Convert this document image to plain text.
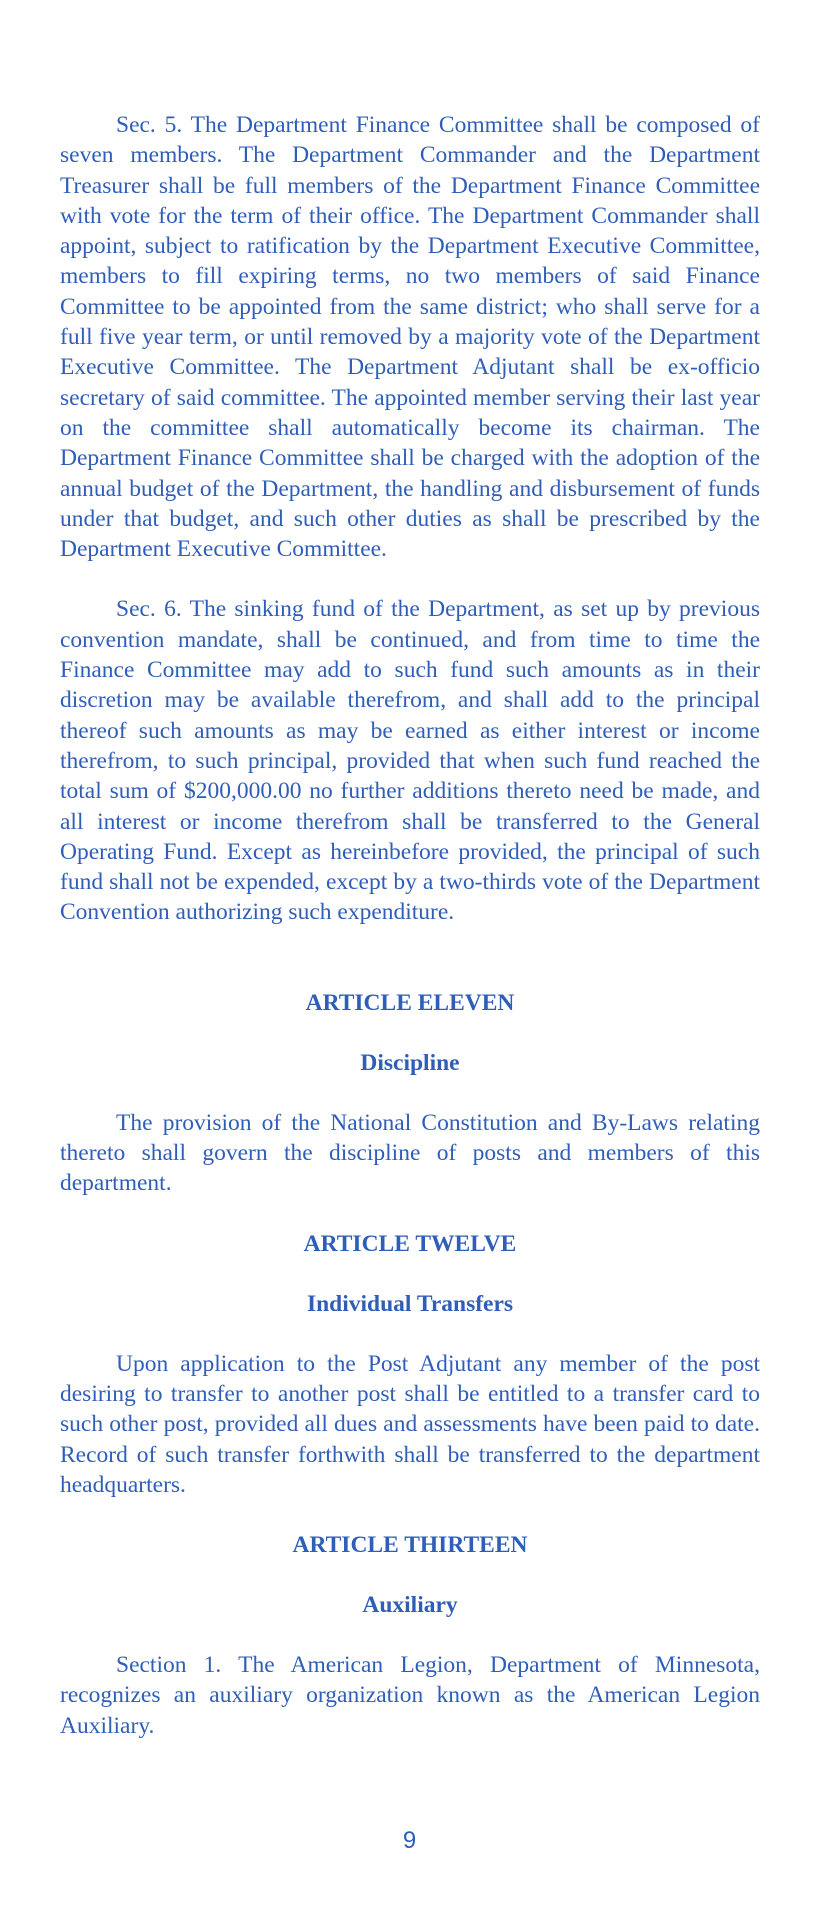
Sec. 5. The Department Finance Committee shall be composed of seven members. The Department Commander and the Department Treasurer shall be full members of the Department Finance Committee with vote for the term of their office. The Department Commander shall appoint, subject to ratification by the Department Executive Committee, members to fill expiring terms, no two members of said Finance Committee to be appointed from the same district; who shall serve for a full five year term, or until removed by a majority vote of the Department Executive Committee. The Department Adjutant shall be ex-officio secretary of said committee. The appointed member serving their last year on the committee shall automatically become its chairman. The Department Finance Committee shall be charged with the adoption of the annual budget of the Department, the handling and disbursement of funds under that budget, and such other duties as shall be prescribed by the Department Executive Committee.

Sec. 6. The sinking fund of the Department, as set up by previous convention mandate, shall be continued, and from time to time the Finance Committee may add to such fund such amounts as in their discretion may be available therefrom, and shall add to the principal thereof such amounts as may be earned as either interest or income therefrom, to such principal, provided that when such fund reached the total sum of $200,000.00 no further additions thereto need be made, and all interest or income therefrom shall be transferred to the General Operating Fund. Except as hereinbefore provided, the principal of such fund shall not be expended, except by a two-thirds vote of the Department Convention authorizing such expenditure.

ARTICLE ELEVEN
Discipline

The provision of the National Constitution and By-Laws relating thereto shall govern the discipline of posts and members of this department.

ARTICLE TWELVE
Individual Transfers

Upon application to the Post Adjutant any member of the post desiring to transfer to another post shall be entitled to a transfer card to such other post, provided all dues and assessments have been paid to date. Record of such transfer forthwith shall be transferred to the department headquarters.

ARTICLE THIRTEEN
Auxiliary

Section 1. The American Legion, Department of Minnesota, recognizes an auxiliary organization known as the American Legion Auxiliary.

9
